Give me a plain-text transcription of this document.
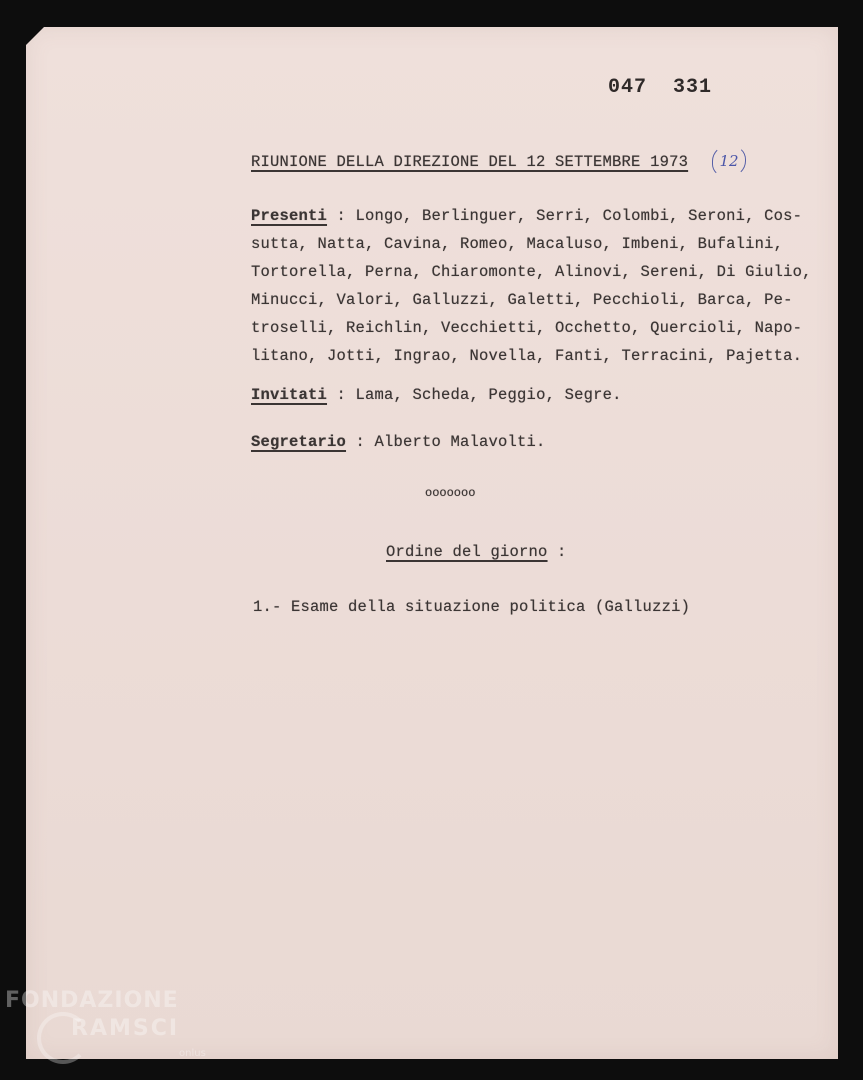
047 331
RIUNIONE DELLA DIREZIONE DEL 12 SETTEMBRE 1973	12
Presenti : Longo, Berlinguer, Serri, Colombi, Seroni, Cos-
sutta, Natta, Cavina, Romeo, Macaluso, Imbeni, Bufalini,
Tortorella, Perna, Chiaromonte, Alinovi, Sereni, Di Giulio,
Minucci, Valori, Galluzzi, Galetti, Pecchioli, Barca, Pe-
troselli, Reichlin, Vecchietti, Occhetto, Quercioli, Napo-
litano, Jotti, Ingrao, Novella, Fanti, Terracini, Pajetta.
Invitati : Lama, Scheda, Peggio, Segre.
Segretario : Alberto Malavolti.
ooooooo
Ordine del giorno :
1.- Esame della situazione politica (Galluzzi)
FONDAZIONE
RAMSCI
onlus
